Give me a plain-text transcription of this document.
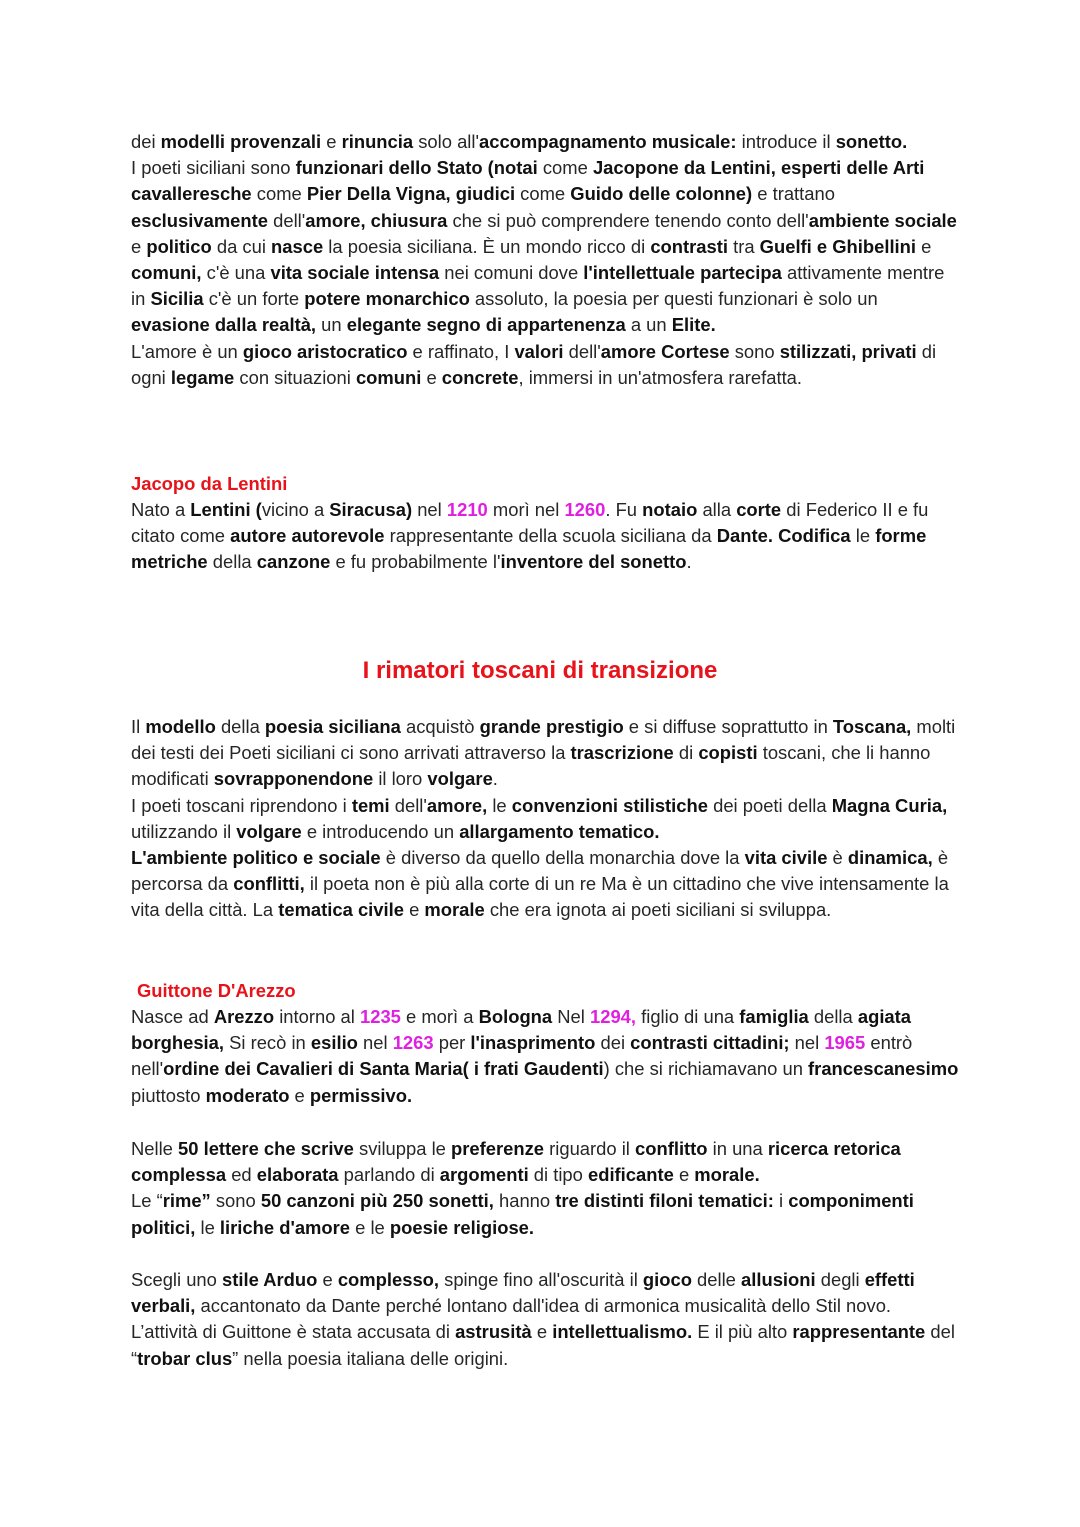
dei modelli provenzali e rinuncia solo all'accompagnamento musicale: introduce il sonetto.
I poeti siciliani sono funzionari dello Stato (notai come Jacopone da Lentini, esperti delle Arti cavalleresche come Pier Della Vigna, giudici come Guido delle colonne) e trattano esclusivamente dell'amore, chiusura che si può comprendere tenendo conto dell'ambiente sociale e politico da cui nasce la poesia siciliana. È un mondo ricco di contrasti tra Guelfi e Ghibellini e comuni, c'è una vita sociale intensa nei comuni dove l'intellettuale partecipa attivamente mentre in Sicilia c'è un forte potere monarchico assoluto, la poesia per questi funzionari è solo un evasione dalla realtà, un elegante segno di appartenenza a un Elite.
L'amore è un gioco aristocratico e raffinato, I valori dell'amore Cortese sono stilizzati, privati di ogni legame con situazioni comuni e concrete, immersi in un'atmosfera rarefatta.

Jacopo da Lentini

Nato a Lentini (vicino a Siracusa) nel 1210 morì nel 1260. Fu notaio alla corte di Federico II e fu citato come autore autorevole rappresentante della scuola siciliana da Dante. Codifica le forme metriche della canzone e fu probabilmente l'inventore del sonetto.

I rimatori toscani di transizione

Il modello della poesia siciliana acquistò grande prestigio e si diffuse soprattutto in Toscana, molti dei testi dei Poeti siciliani ci sono arrivati attraverso la trascrizione di copisti toscani, che li hanno modificati sovrapponendone il loro volgare.
I poeti toscani riprendono i temi dell'amore, le convenzioni stilistiche dei poeti della Magna Curia, utilizzando il volgare e introducendo un allargamento tematico.
L'ambiente politico e sociale è diverso da quello della monarchia dove la vita civile è dinamica, è percorsa da conflitti, il poeta non è più alla corte di un re Ma è un cittadino che vive intensamente la vita della città. La tematica civile e morale che era ignota ai poeti siciliani si sviluppa.

Guittone D'Arezzo

Nasce ad Arezzo intorno al 1235 e morì a Bologna Nel 1294, figlio di una famiglia della agiata borghesia, Si recò in esilio nel 1263 per l'inasprimento dei contrasti cittadini; nel 1965 entrò nell'ordine dei Cavalieri di Santa Maria( i frati Gaudenti) che si richiamavano un francescanesimo piuttosto moderato e permissivo.

Nelle 50 lettere che scrive sviluppa le preferenze riguardo il conflitto in una ricerca retorica complessa ed elaborata parlando di argomenti di tipo edificante e morale.
Le “rime” sono 50 canzoni più 250 sonetti, hanno tre distinti filoni tematici: i componimenti politici, le liriche d'amore e le poesie religiose.

Scegli uno stile Arduo e complesso, spinge fino all'oscurità il gioco delle allusioni degli effetti verbali, accantonato da Dante perché lontano dall'idea di armonica musicalità dello Stil novo. L’attività di Guittone è stata accusata di astrusità e intellettualismo. E il più alto rappresentante del “trobar clus” nella poesia italiana delle origini.
